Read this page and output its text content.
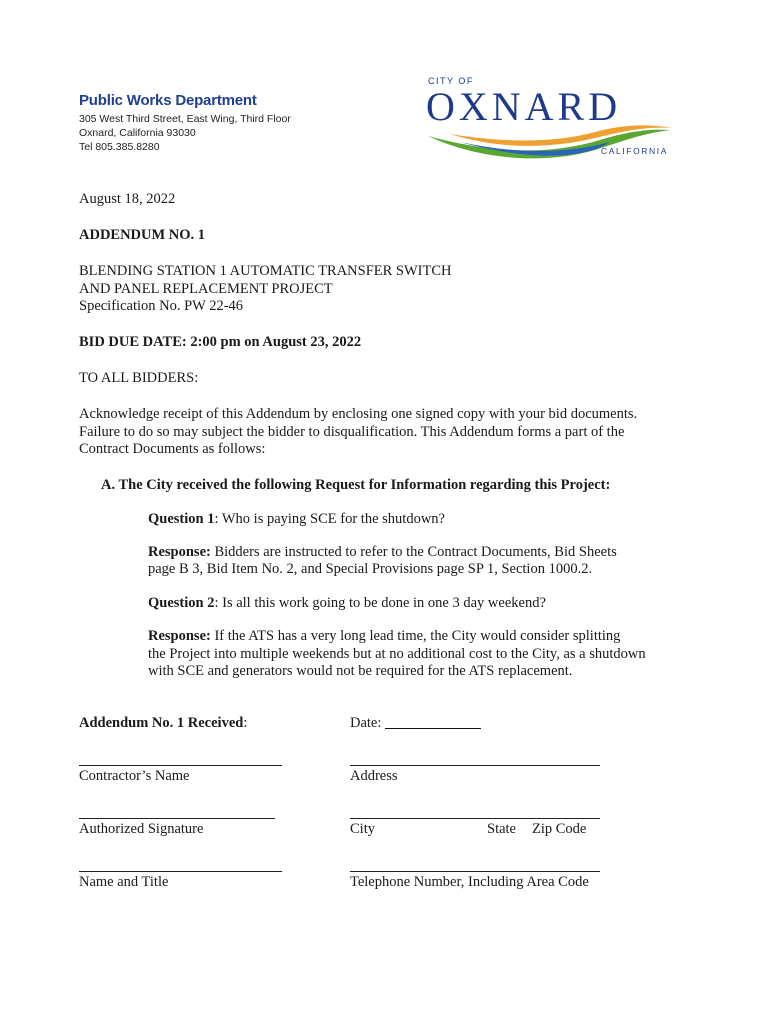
Public Works Department
305 West Third Street, East Wing, Third Floor
Oxnard, California 93030
Tel 805.385.8280
CITY OF
OXNARD
CALIFORNIA
August 18, 2022
ADDENDUM NO. 1
BLENDING STATION 1 AUTOMATIC TRANSFER SWITCH
AND PANEL REPLACEMENT PROJECT
Specification No. PW 22-46
BID DUE DATE: 2:00 pm on August 23, 2022
TO ALL BIDDERS:
Acknowledge receipt of this Addendum by enclosing one signed copy with your bid documents.
Failure to do so may subject the bidder to disqualification. This Addendum forms a part of the
Contract Documents as follows:
A. The City received the following Request for Information regarding this Project:
Question 1: Who is paying SCE for the shutdown?
Response: Bidders are instructed to refer to the Contract Documents, Bid Sheets
page B 3, Bid Item No. 2, and Special Provisions page SP 1, Section 1000.2.
Question 2: Is all this work going to be done in one 3 day weekend?
Response: If the ATS has a very long lead time, the City would consider splitting
the Project into multiple weekends but at no additional cost to the City, as a shutdown
with SCE and generators would not be required for the ATS replacement.
Addendum No. 1 Received:	Date:
Contractor’s Name	Address
Authorized Signature	City	State Zip Code
Name and Title	Telephone Number, Including Area Code
